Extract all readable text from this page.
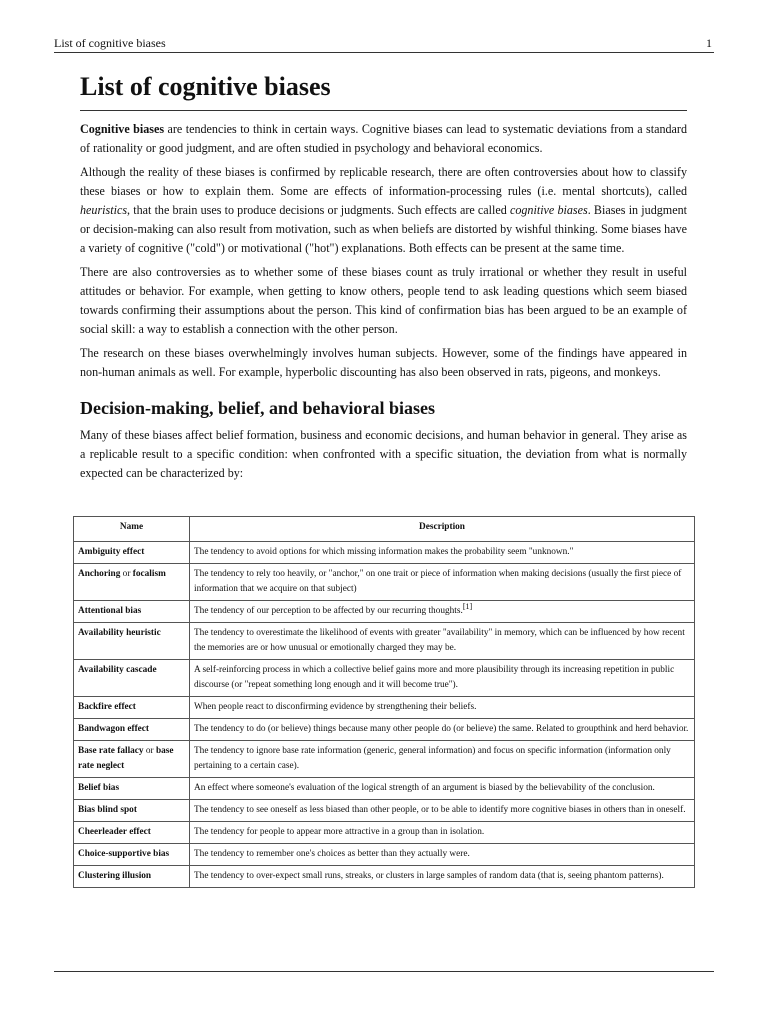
List of cognitive biases	1
List of cognitive biases

Cognitive biases are tendencies to think in certain ways. Cognitive biases can lead to systematic deviations from a standard of rationality or good judgment, and are often studied in psychology and behavioral economics.

Although the reality of these biases is confirmed by replicable research, there are often controversies about how to classify these biases or how to explain them. Some are effects of information-processing rules (i.e. mental shortcuts), called heuristics, that the brain uses to produce decisions or judgments. Such effects are called cognitive biases. Biases in judgment or decision-making can also result from motivation, such as when beliefs are distorted by wishful thinking. Some biases have a variety of cognitive ("cold") or motivational ("hot") explanations. Both effects can be present at the same time.

There are also controversies as to whether some of these biases count as truly irrational or whether they result in useful attitudes or behavior. For example, when getting to know others, people tend to ask leading questions which seem biased towards confirming their assumptions about the person. This kind of confirmation bias has been argued to be an example of social skill: a way to establish a connection with the other person.

The research on these biases overwhelmingly involves human subjects. However, some of the findings have appeared in non-human animals as well. For example, hyperbolic discounting has also been observed in rats, pigeons, and monkeys.

Decision-making, belief, and behavioral biases

Many of these biases affect belief formation, business and economic decisions, and human behavior in general. They arise as a replicable result to a specific condition: when confronted with a specific situation, the deviation from what is normally expected can be characterized by:

Name	Description
Ambiguity effect	The tendency to avoid options for which missing information makes the probability seem "unknown."
Anchoring or focalism	The tendency to rely too heavily, or "anchor," on one trait or piece of information when making decisions (usually the first piece of information that we acquire on that subject)
Attentional bias	The tendency of our perception to be affected by our recurring thoughts.[1]
Availability heuristic	The tendency to overestimate the likelihood of events with greater "availability" in memory, which can be influenced by how recent the memories are or how unusual or emotionally charged they may be.
Availability cascade	A self-reinforcing process in which a collective belief gains more and more plausibility through its increasing repetition in public discourse (or "repeat something long enough and it will become true").
Backfire effect	When people react to disconfirming evidence by strengthening their beliefs.
Bandwagon effect	The tendency to do (or believe) things because many other people do (or believe) the same. Related to groupthink and herd behavior.
Base rate fallacy or base rate neglect	The tendency to ignore base rate information (generic, general information) and focus on specific information (information only pertaining to a certain case).
Belief bias	An effect where someone's evaluation of the logical strength of an argument is biased by the believability of the conclusion.
Bias blind spot	The tendency to see oneself as less biased than other people, or to be able to identify more cognitive biases in others than in oneself.
Cheerleader effect	The tendency for people to appear more attractive in a group than in isolation.
Choice-supportive bias	The tendency to remember one's choices as better than they actually were.
Clustering illusion	The tendency to over-expect small runs, streaks, or clusters in large samples of random data (that is, seeing phantom patterns).
